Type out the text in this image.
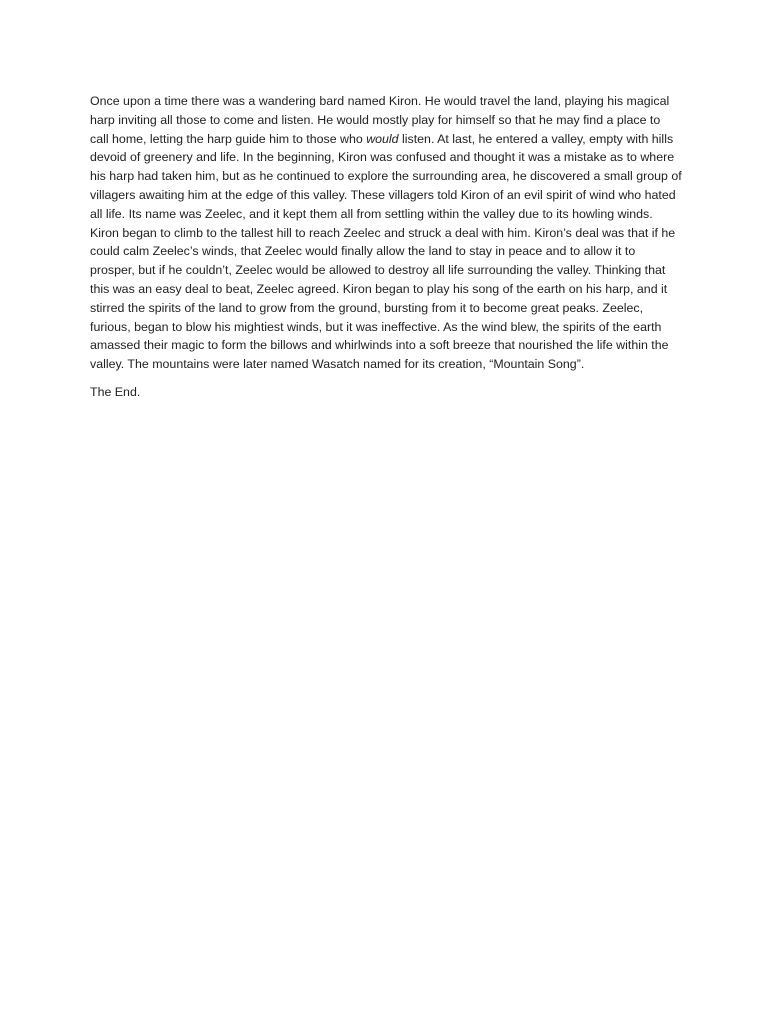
Once upon a time there was a wandering bard named Kiron. He would travel the land, playing his magical harp inviting all those to come and listen. He would mostly play for himself so that he may find a place to call home, letting the harp guide him to those who would listen. At last, he entered a valley, empty with hills devoid of greenery and life. In the beginning, Kiron was confused and thought it was a mistake as to where his harp had taken him, but as he continued to explore the surrounding area, he discovered a small group of villagers awaiting him at the edge of this valley. These villagers told Kiron of an evil spirit of wind who hated all life. Its name was Zeelec, and it kept them all from settling within the valley due to its howling winds. Kiron began to climb to the tallest hill to reach Zeelec and struck a deal with him. Kiron’s deal was that if he could calm Zeelec’s winds, that Zeelec would finally allow the land to stay in peace and to allow it to prosper, but if he couldn’t, Zeelec would be allowed to destroy all life surrounding the valley. Thinking that this was an easy deal to beat, Zeelec agreed. Kiron began to play his song of the earth on his harp, and it stirred the spirits of the land to grow from the ground, bursting from it to become great peaks. Zeelec, furious, began to blow his mightiest winds, but it was ineffective. As the wind blew, the spirits of the earth amassed their magic to form the billows and whirlwinds into a soft breeze that nourished the life within the valley. The mountains were later named Wasatch named for its creation, “Mountain Song”.

The End.
